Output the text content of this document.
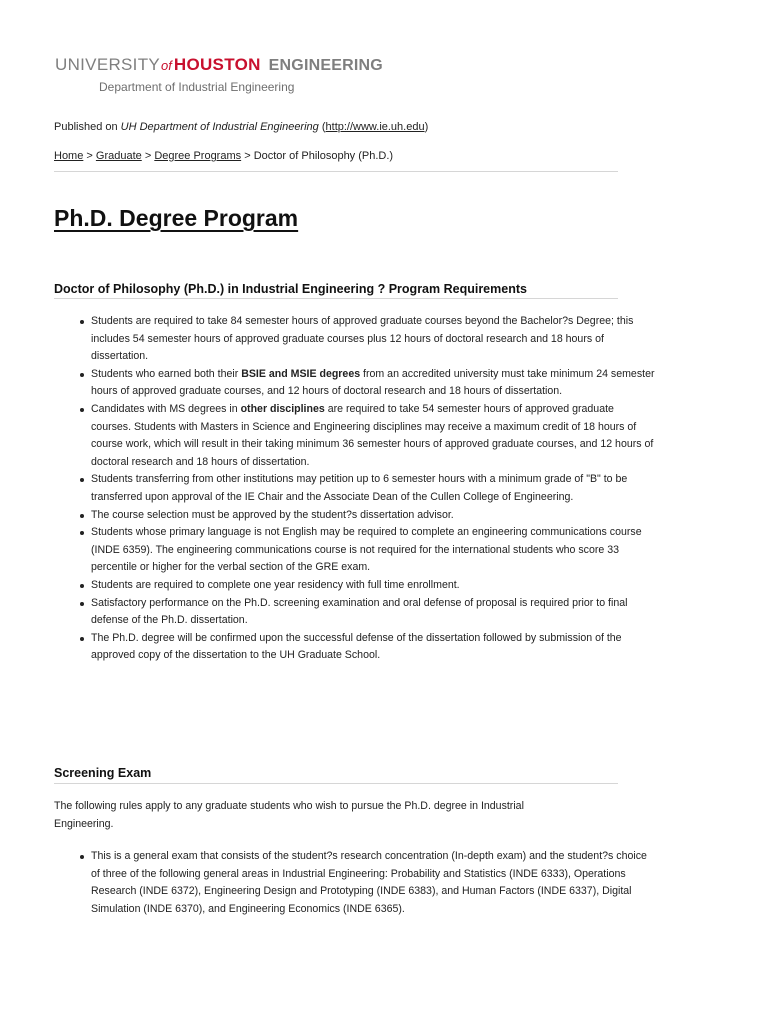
UNIVERSITY of HOUSTON ENGINEERING
Department of Industrial Engineering
Published on UH Department of Industrial Engineering (http://www.ie.uh.edu)
Home > Graduate > Degree Programs > Doctor of Philosophy (Ph.D.)
Ph.D. Degree Program
Doctor of Philosophy (Ph.D.) in Industrial Engineering ? Program Requirements
Students are required to take 84 semester hours of approved graduate courses beyond the Bachelor?s Degree; this includes 54 semester hours of approved graduate courses plus 12 hours of doctoral research and 18 hours of dissertation.
Students who earned both their BSIE and MSIE degrees from an accredited university must take minimum 24 semester hours of approved graduate courses, and 12 hours of doctoral research and 18 hours of dissertation.
Candidates with MS degrees in other disciplines are required to take 54 semester hours of approved graduate courses. Students with Masters in Science and Engineering disciplines may receive a maximum credit of 18 hours of course work, which will result in their taking minimum 36 semester hours of approved graduate courses, and 12 hours of doctoral research and 18 hours of dissertation.
Students transferring from other institutions may petition up to 6 semester hours with a minimum grade of "B" to be transferred upon approval of the IE Chair and the Associate Dean of the Cullen College of Engineering.
The course selection must be approved by the student?s dissertation advisor.
Students whose primary language is not English may be required to complete an engineering communications course (INDE 6359). The engineering communications course is not required for the international students who score 33 percentile or higher for the verbal section of the GRE exam.
Students are required to complete one year residency with full time enrollment.
Satisfactory performance on the Ph.D. screening examination and oral defense of proposal is required prior to final defense of the Ph.D. dissertation.
The Ph.D. degree will be confirmed upon the successful defense of the dissertation followed by submission of the approved copy of the dissertation to the UH Graduate School.
Screening Exam

The following rules apply to any graduate students who wish to pursue the Ph.D. degree in Industrial Engineering.

This is a general exam that consists of the student?s research concentration (In-depth exam) and the student?s choice of three of the following general areas in Industrial Engineering: Probability and Statistics (INDE 6333), Operations Research (INDE 6372), Engineering Design and Prototyping (INDE 6383), and Human Factors (INDE 6337), Digital Simulation (INDE 6370), and Engineering Economics (INDE 6365).
